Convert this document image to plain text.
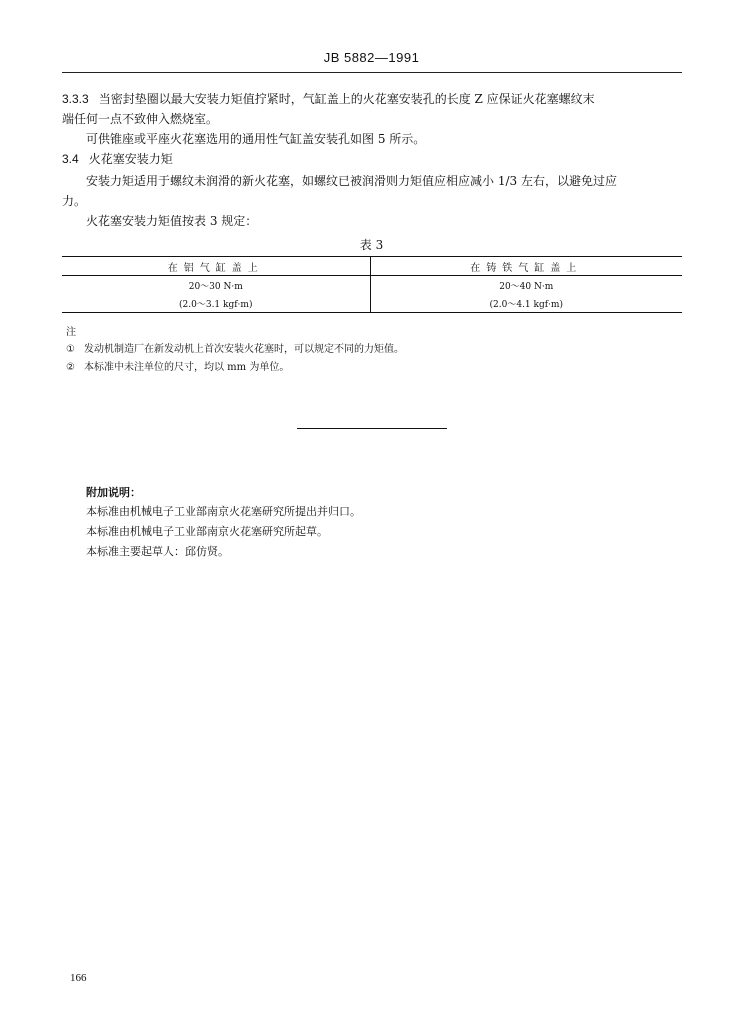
JB 5882—1991
3.3.3 当密封垫圈以最大安装力矩值拧紧时，气缸盖上的火花塞安装孔的长度 Z 应保证火花塞螺纹末
端任何一点不致伸入燃烧室。
可供锥座或平座火花塞选用的通用性气缸盖安装孔如图 5 所示。
3.4 火花塞安装力矩
安装力矩适用于螺纹未润滑的新火花塞，如螺纹已被润滑则力矩值应相应减小 1/3 左右，以避免过应
力。
火花塞安装力矩值按表 3 规定：
表 3
在铝气缸盖上	在铸铁气缸盖上
20～30 N·m	20～40 N·m
(2.0～3.1 kgf·m)	(2.0～4.1 kgf·m)
注
① 发动机制造厂在新发动机上首次安装火花塞时，可以规定不同的力矩值。
② 本标准中未注单位的尺寸，均以 mm 为单位。
附加说明：
本标准由机械电子工业部南京火花塞研究所提出并归口。
本标准由机械电子工业部南京火花塞研究所起草。
本标准主要起草人：邱仿贤。
166
